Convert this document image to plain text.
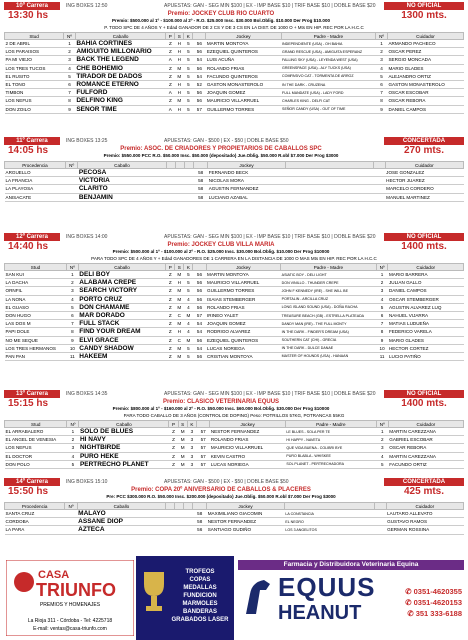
10º Carrera
13:30 hs
ING BOXES 12:50	APUESTAS: GAN - SEG MIN $100 | EX - IMP BASE $10 | TRIF BASE $10 | DOBLE BASE $20	NO OFICIAL
1300 mts.
Premio: JOCKEY CLUB RIO CUARTO
Premio: $500.000 al 1º - $100.000 al 2º - R.O. $25.000 Insc. $30.000 Bol.Oblig. $10.000 Der Prog $10.000
P. TODO SPC DE 4 AÑOS Y + Edad GANADOR DE 2 CS Y DE 3 CS EN LA DIST. DE 1000 O + Mts EN HIP. REC POR LA H.C.C
Stud	Nº	Caballo	P	S	K		Jockey	Padre - Madre	Nº	Cuidador
2 DE ABRIL	1	BAHIA CORTINES	Z	H	5	56	MARTIN MONTOYA	INDEPENDIENTE (USA) - OH BAHIA	1	ARMANDO PACHECO
LOS PARAISOS	2	AMIGUITO MILLONARIO	Z	H	5	56	EZEQUIEL QUINTEROS	GRAND RESCUE (USA) - AMIGUITA ESPERANZ	2	OSCAR PEREZ
PA MI VIEJO	3	BACK THE LEGEND	A	H	5	54	LUIS ACUÑA	FALLING SKY (USA) - LEYENDA WEST (USA)	3	SERGIO MONCADA
LOS TRES TUCOS	4	CHE BOHEMIO	Z	M	5	56	ROLANDO FRIAS	GREENSPACE (USA) - ALY TUCKS (USA)	4	MARIO GLADES
EL RUSITO	5	TIRADOR DE DADOS	Z	M	5	54	FACUNDO QUINTEROS	COMPASIVO CAT - TORMENTA DE ARROZ	5	ALEJANDRO ORTIZ
EL TONO	6	ROMANCE ETERNO	Z	H	5	52	GASTON MONASTEROLO	IN THE DARK - CRUZENA	6	GASTON MONASTEROLO
TIMBON	7	FULFORD	A	H	5	56	JOAQUIN GOMEZ	FULL MANDATE (USA) - LADY FORD	7	OSCAR ESCOBAR
LOS NEFUS	8	DELFINO KING	Z	M	5	56	MAURICIO VILLARRUEL	CHARLES KING - DELFI CAT	8	OSCAR REBORA
DON ZOILO	9	SEÑOR TIME	A	H	5	57	GUILLERMO TORRES	SEÑOR CANDY (USA) - OUT OF TIME	9	DANIEL CAMPOS
11º Carrera
14:05 hs
ING BOXES 13:25	APUESTAS: GAN - $500 | EX - $50 | DOBLE BASE $50	CONCERTADA
270 mts.
Premio: ASOC. DE CRIADORES Y PROPIETARIOS DE CABALLOS SPC
Premio: $550.000 PCC R.O. $50.000 Insc. $50.000 (depositado) Jue.Oblig. $50.000 R.obl $7.000 Der Prog $3000
Procedencia	Nº	Caballo					Jockey			Cuidador
ARGUELLO		PECOSA				58	FERNANDO BECK			JOSE GONZALEZ
LA FRANCIA		VICTORIA				58	NICOLAS MORA			HECTOR JUAREZ
LA PLAYOSA		CLARITO				58	AGUSTIN FERNANDEZ			MARCELO CORDERO
ANISACATE		BENJAMIN				58	LUCIANO AZABAL			MANUEL MARTINEZ
12º Carrera
14:40 hs
ING BOXES 14:00	APUESTAS: GAN - SEG MIN $100 | EX - IMP BASE $10 | TRIF BASE $10 | DOBLE BASE $20	NO OFICIAL
1400 mts.
Premio: JOCKEY CLUB VILLA MARIA
Premio: $500.000 al 1º - $100.000 al 2º - R.O. $25.000 Insc. $30.000 Bol.Oblig. $10.000 Der Prog $10000
PARA TODO SPC DE 4 AÑOS Y + Edad GANADORES DE 1 CARRERA EN LA DISTANCIA DE 1000 O MAS Mts EN HIP. REC POR LA H.C.C
Stud	Nº	Caballo	P	S	K		Jockey	Padre - Madre	Nº	Cuidador
SAN KUI	1	DELI BOY	Z	M	5	56	MARTIN MONTOYA	ASIATIC BOY - DELI LIGHT	1	MARIO BARRERA
LA DACHA	2	ALABAMA CREPE	Z	H	5	56	MAURICIO VILLARRUEL	DON VINILLO - THUNDER CREPE	2	JULIAN GALLO
ORNFIL	3	SEARCH VICTORY	Z	M	5	56	GUILLERMO TORRES	JOHN F KENNEDY (IRE) - SHE WILL BE	3	DANIEL CAMPOS
LA NONA	4	PORTO CRUZ	Z	M	4	56	ISAIAS STEMBERGER	PORTALIN - ARCILLA CRUZ	4	OSCAR STEMBERGER
EL GUASO	5	DON CHAMAME	Z	M	4	56	ROLANDO FRIAS	LONG ISLAND SOUND (USA) - DOÑA RACHA	5	AGUSTIN ALVAREZ LUQ
DON HUGO	6	MAR DORADO	Z	C	M	57	IRINEO YALET	TREASURE BEACH (GB) - ESTRELLA PLATEADA	6	NAHUEL VIJARRA
LAS DOS M	7	FULL STACK	Z	M	4	54	JOAQUIN GOMEZ	DANDY MAN (IRE) - THE FULL MONTY	7	MATIAS LUDUEÑA
PAPI DOLE	8	FIND YOUR DREAM	Z	H	4	54	RODRIGO ALVAREZ	IN THE DARK - FINDER'S DREAM (USA)	8	FEDERICO VARELA
NO ME SEQUE	9	ELVI GRACE	Z	C	M	56	EZEQUIEL QUINTEROS	SOUTHERN CAT (CHI) - GRECIA	9	MARIO GLADES
LOS TRES HERMANOS	10	CANDY SHADOW	Z	M	5	54	LUCAS NORIEGA	IN THE DARK - DULCE DANAE	10	HECTOR CORTEZ
PAN PAN	11	HAKEEM	Z	M	5	56	CRISTIAN MONTOYA	MASTER OF HOUNDS (USA) - HANAAN	11	LUCIO PATIÑO
13º Carrera
15:15 hs
ING BOXES 14:35	APUESTAS: GAN - SEG MIN $100 | EX - IMP BASE $10 | TRIF BASE $10 | DOBLE BASE $20	NO OFICIAL
1400 mts.
Premio: CLASICO VETERINARIA EQUUS
Premio: $800.000 al 1º - $160.000 al 2º - R.O. $50.000 Insc. $60.000 Bol.Oblig. $30.000 Der Prog $10000
PARA TODO CABALLO DE 3 AÑOS (CONTROL DE DOPING) Peso: POTRILLOS 57KG, POTRANCAS 55KG
Stud	Nº	Caballo	P	S	K		Jockey	Padre - Madre	Nº	Cuidador
EL ARRABALERO	1	SOLO DE BLUES	Z	M	3	57	NESTOR FERNANDEZ	LE BLUES - SOLA PER TE	1	MARTIN CAREZZANA
EL ANGEL DE VENESIA	2	HI NAVY	Z	M	3	57	ROLANDO FRIAS	HI HAPPY - NAVETA	2	GABRIEL ESCOBAR
LOS NEFUS	3	NIGHTBIRDE	Z	M	3	57	MAURICIO VILLARRUEL	QUE VIDA BUENA - COLIBRI BYE	3	OSCAR REBORA
EL DOCTOR	4	PURO HEKE	Z	M	3	57	KEVIN CASTRO	PURO BLABLA - WHISKEE	4	MARTIN CAREZZANA
DON POLO	5	PERTRECHO PLANET	Z	M	3	57	LUCAS NORIEGA	SOL PLANET - PERTRECHADORA	5	FACUNDO ORTIZ
14º Carrera
15:50 hs
ING BOXES 15:10	APUESTAS: GAN - $500 | EX - $50 | DOBLE BASE $50	CONCERTADA
425 mts.
Premio: COPA 20º ANIVERSARIO DE CABALLOS & PLACERES
Pre: PCC $300.000 R.O. $50.000 Insc. $200.000 (depositado) Jue.Oblig. $50.000 R.obl $7.000 Der Prog $3000
Procedencia	Nº	Caballo					Jockey			Cuidador
SANTA CRUZ		MALAYO				58	MAXIMILIANO GIACOMIN	LA CONSTANCIA		LAUTARO ALLEVATO
CORDOBA		ASSANE DIOP				58	NESTOR FERNANDEZ	EL NEGRO		GUSTAVO RAMOS
LA PARA		AZTECA				56	SANTIAGO GUDIÑO	LOS 3 ANGELITOS		GERMAN ROSSINA
CASA
TRIUNFO
PREMIOS Y HOMENAJES
La Rioja 311 - Córdoba - Tel: 4225718
E-mail: ventas@casa-triunfo.com
TROFEOS
COPAS
MEDALLAS
FUNDICION
MARMOLES
BANDERAS
GRABADOS LASER
Farmacia y Distribuidora Veterinaria Equina
EQUUS
HEANUT
✆ 0351-4620355
✆ 0351-4620153
✆ 351 333-6188
